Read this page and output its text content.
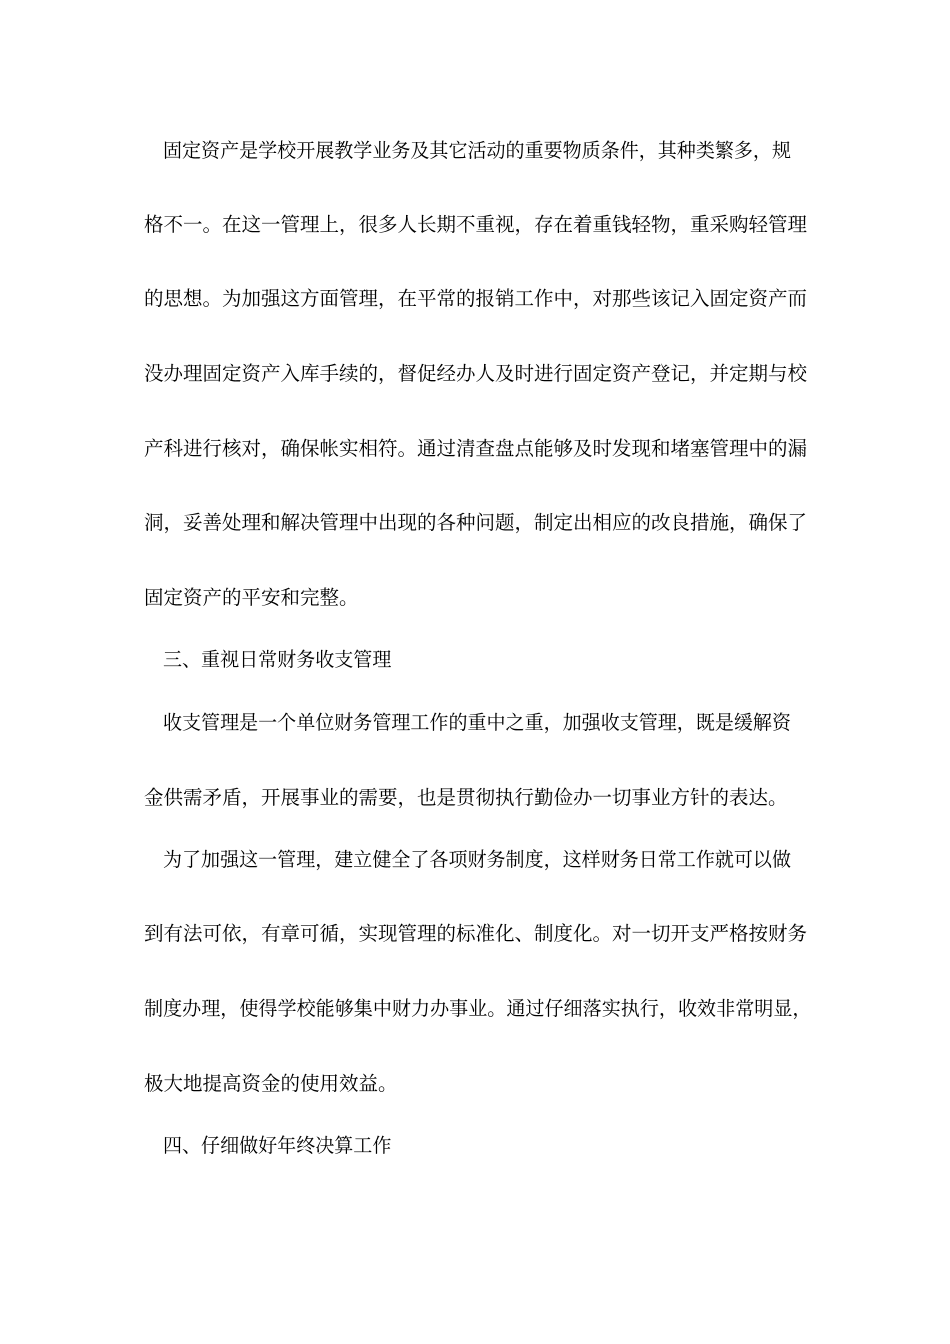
固定资产是学校开展教学业务及其它活动的重要物质条件，其种类繁多，规
格不一。在这一管理上，很多人长期不重视，存在着重钱轻物，重采购轻管理
的思想。为加强这方面管理，在平常的报销工作中，对那些该记入固定资产而
没办理固定资产入库手续的，督促经办人及时进行固定资产登记，并定期与校
产科进行核对，确保帐实相符。通过清查盘点能够及时发现和堵塞管理中的漏
洞，妥善处理和解决管理中出现的各种问题，制定出相应的改良措施，确保了
固定资产的平安和完整。
三、重视日常财务收支管理
收支管理是一个单位财务管理工作的重中之重，加强收支管理，既是缓解资
金供需矛盾，开展事业的需要，也是贯彻执行勤俭办一切事业方针的表达。
为了加强这一管理，建立健全了各项财务制度，这样财务日常工作就可以做
到有法可依，有章可循，实现管理的标准化、制度化。对一切开支严格按财务
制度办理，使得学校能够集中财力办事业。通过仔细落实执行，收效非常明显，
极大地提高资金的使用效益。
四、仔细做好年终决算工作
